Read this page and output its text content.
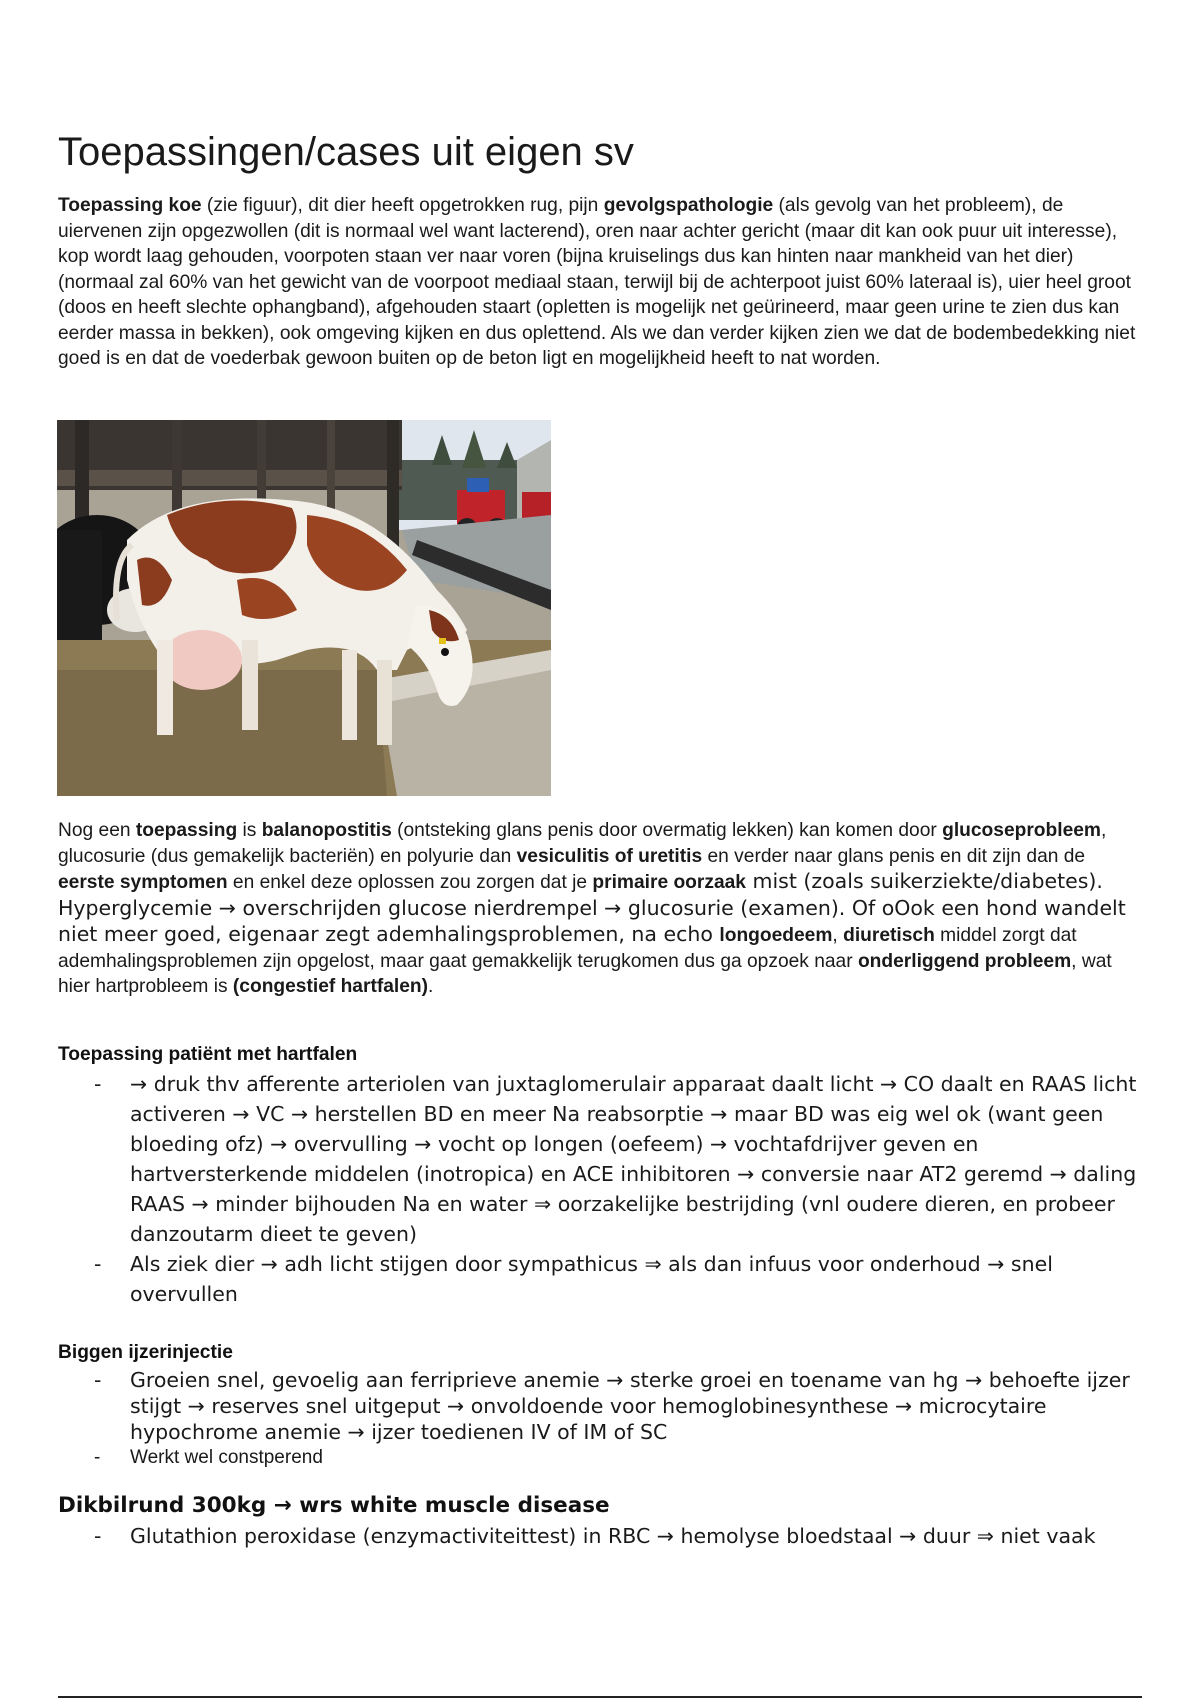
Toepassingen/cases uit eigen sv

Toepassing koe (zie figuur), dit dier heeft opgetrokken rug, pijn gevolgspathologie (als gevolg van het probleem), de uiervenen zijn opgezwollen (dit is normaal wel want lacterend), oren naar achter gericht (maar dit kan ook puur uit interesse), kop wordt laag gehouden, voorpoten staan ver naar voren (bijna kruiselings dus kan hinten naar mankheid van het dier) (normaal zal 60% van het gewicht van de voorpoot mediaal staan, terwijl bij de achterpoot juist 60% lateraal is), uier heel groot (doos en heeft slechte ophangband), afgehouden staart (opletten is mogelijk net geürineerd, maar geen urine te zien dus kan eerder massa in bekken), ook omgeving kijken en dus oplettend. Als we dan verder kijken zien we dat de bodembedekking niet goed is en dat de voederbak gewoon buiten op de beton ligt en mogelijkheid heeft to nat worden.

Nog een toepassing is balanopostitis (ontsteking glans penis door overmatig lekken) kan komen door glucoseprobleem, glucosurie (dus gemakelijk bacteriën) en polyurie dan vesiculitis of uretitis en verder naar glans penis en dit zijn dan de eerste symptomen en enkel deze oplossen zou zorgen dat je primaire oorzaak mist (zoals suikerziekte/diabetes). Hyperglycemie → overschrijden glucose nierdrempel → glucosurie (examen). Of oOok een hond wandelt niet meer goed, eigenaar zegt ademhalingsproblemen, na echo longoedeem, diuretisch middel zorgt dat ademhalingsproblemen zijn opgelost, maar gaat gemakkelijk terugkomen dus ga opzoek naar onderliggend probleem, wat hier hartprobleem is (congestief hartfalen).

Toepassing patiënt met hartfalen
- → druk thv afferente arteriolen van juxtaglomerulair apparaat daalt licht → CO daalt en RAAS licht activeren → VC → herstellen BD en meer Na reabsorptie → maar BD was eig wel ok (want geen bloeding ofz) → overvulling → vocht op longen (oefeem) → vochtafdrijver geven en hartversterkende middelen (inotropica) en ACE inhibitoren → conversie naar AT2 geremd → daling RAAS → minder bijhouden Na en water ⇒ oorzakelijke bestrijding (vnl oudere dieren, en probeer danzoutarm dieet te geven)
- Als ziek dier → adh licht stijgen door sympathicus ⇒ als dan infuus voor onderhoud → snel overvullen
Biggen ijzerinjectie
- Groeien snel, gevoelig aan ferriprieve anemie → sterke groei en toename van hg → behoefte ijzer stijgt → reserves snel uitgeput → onvoldoende voor hemoglobinesynthese → microcytaire hypochrome anemie → ijzer toedienen IV of IM of SC
- Werkt wel constperend
Dikbilrund 300kg → wrs white muscle disease
- Glutathion peroxidase (enzymactiviteittest) in RBC → hemolyse bloedstaal → duur ⇒ niet vaak
